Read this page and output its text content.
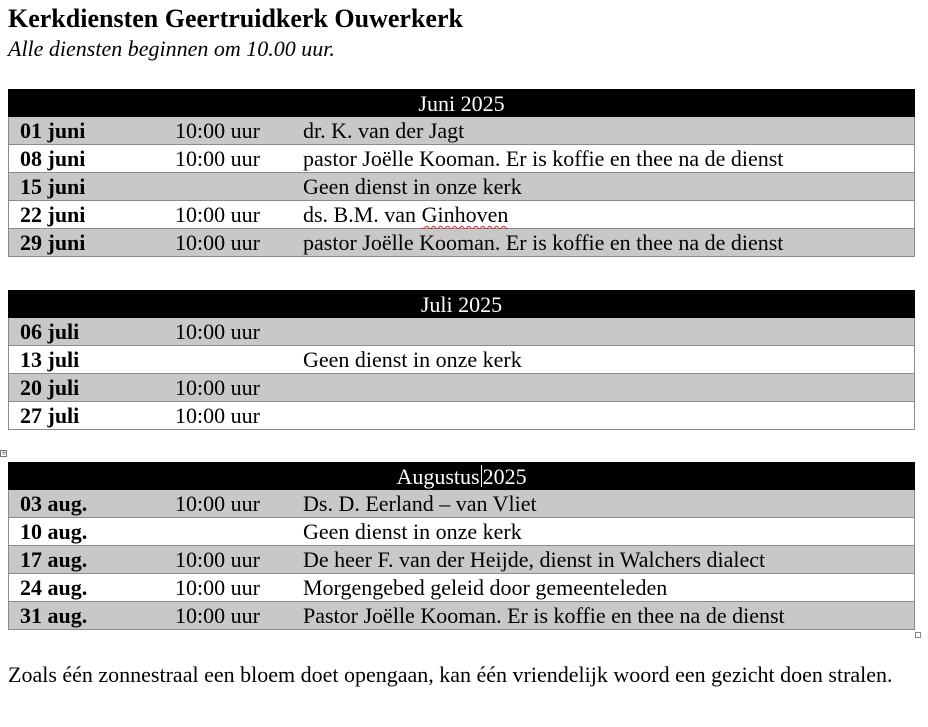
Kerkdiensten Geertruidkerk Ouwerkerk
Alle diensten beginnen om 10.00 uur.
Juni 2025
01 juni	10:00 uur dr. K. van der Jagt
08 juni	10:00 uur pastor Joëlle Kooman. Er is koffie en thee na de dienst
15 juni	Geen dienst in onze kerk
22 juni	10:00 uur ds. B.M. van Ginhoven
29 juni	10:00 uur pastor Joëlle Kooman. Er is koffie en thee na de dienst
Juli 2025
06 juli	10:00 uur
13 juli	Geen dienst in onze kerk
20 juli	10:00 uur
27 juli	10:00 uur
+
Augustus 2025
03 aug.	10:00 uur Ds. D. Eerland – van Vliet
10 aug.	Geen dienst in onze kerk
17 aug.	10:00 uur De heer F. van der Heijde, dienst in Walchers dialect
24 aug.	10:00 uur Morgengebed geleid door gemeenteleden
31 aug.	10:00 uur Pastor Joëlle Kooman. Er is koffie en thee na de dienst
Zoals één zonnestraal een bloem doet opengaan, kan één vriendelijk woord een gezicht doen stralen.
